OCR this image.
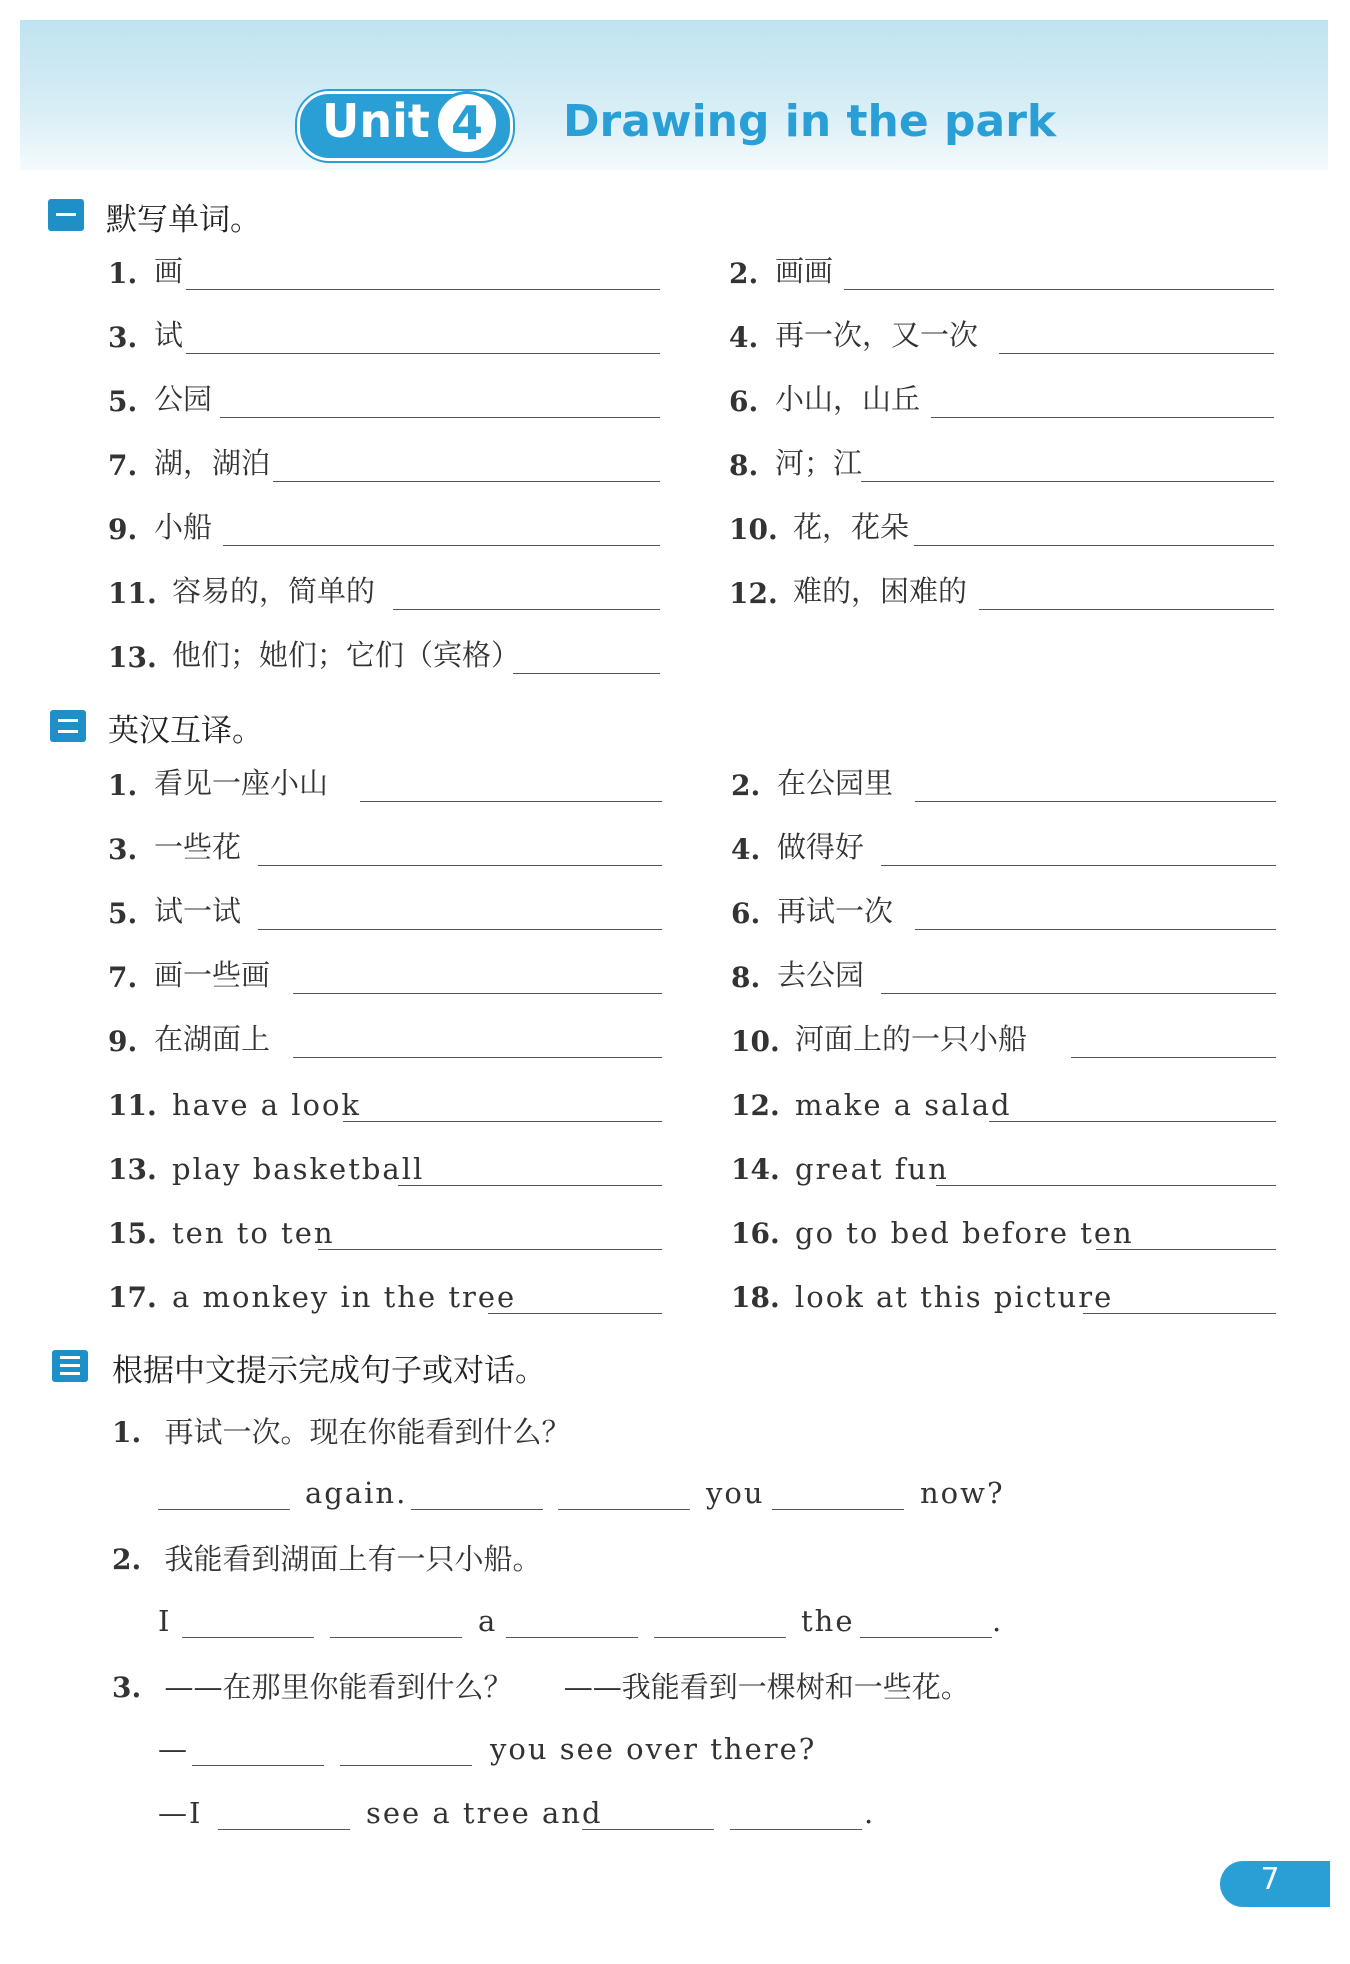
Unit 4	Drawing in the park
默写单词。
1. 画	2. 画画
3. 试	4. 再一次，又一次
5. 公园	6. 小山，山丘
7. 湖，湖泊	8. 河；江
9. 小船	10. 花，花朵
11. 容易的，简单的	12. 难的，困难的
13. 他们；她们；它们（宾格）
英汉互译。
1. 看见一座小山	2. 在公园里
3. 一些花	4. 做得好
5. 试一试	6. 再试一次
7. 画一些画	8. 去公园
9. 在湖面上	10. 河面上的一只小船
11. have a look	12. make a salad
13. play basketball	14. great fun
15. ten to ten	16. go to bed before ten
17. a monkey in the tree	18. look at this picture
根据中文提示完成句子或对话。
1. 再试一次。现在你能看到什么？
again.	you	now?
2. 我能看到湖面上有一只小船。
I	a	the	.
3. ——在那里你能看到什么？ ——我能看到一棵树和一些花。
—	you see over there?
—I	see a tree and	.
7
